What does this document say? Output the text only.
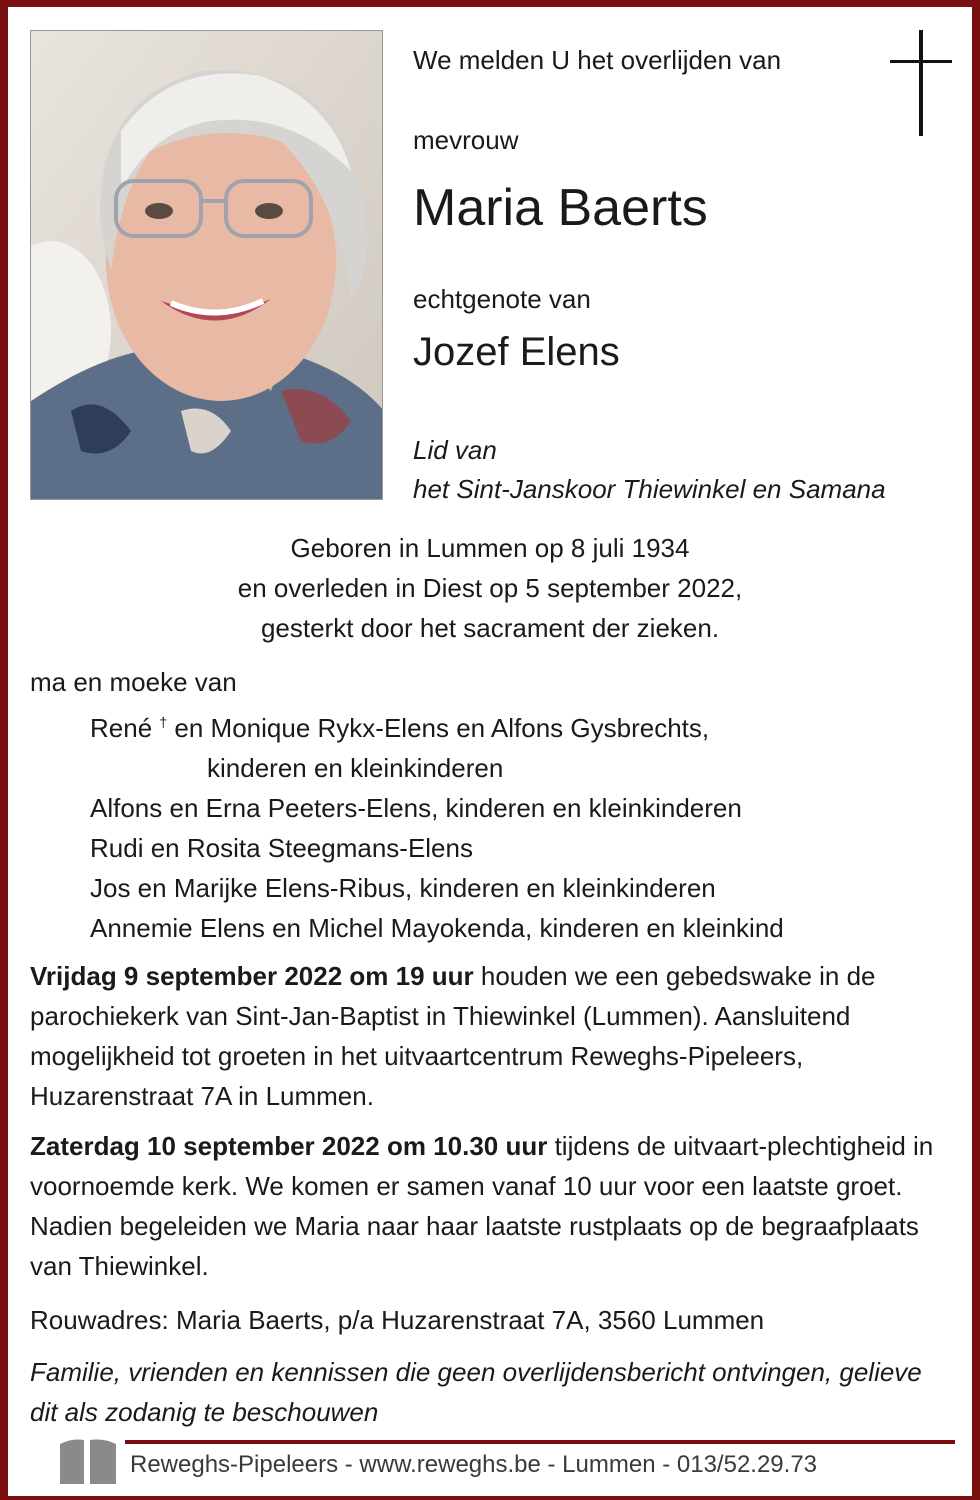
We melden U het overlijden van
mevrouw
Maria Baerts
echtgenote van
Jozef Elens
Lid van
het Sint-Janskoor Thiewinkel en Samana
Geboren in Lummen op 8 juli 1934
en overleden in Diest op 5 september 2022,
gesterkt door het sacrament der zieken.
ma en moeke van
René † en Monique Rykx-Elens en Alfons Gysbrechts,
kinderen en kleinkinderen
Alfons en Erna Peeters-Elens, kinderen en kleinkinderen
Rudi en Rosita Steegmans-Elens
Jos en Marijke Elens-Ribus, kinderen en kleinkinderen
Annemie Elens en Michel Mayokenda, kinderen en kleinkind
Vrijdag 9 september 2022 om 19 uur houden we een gebedswake in de parochiekerk van Sint-Jan-Baptist in Thiewinkel (Lummen). Aansluitend mogelijkheid tot groeten in het uitvaartcentrum Reweghs-Pipeleers, Huzarenstraat 7A in Lummen.
Zaterdag 10 september 2022 om 10.30 uur tijdens de uitvaart-plechtigheid in voornoemde kerk. We komen er samen vanaf 10 uur voor een laatste groet. Nadien begeleiden we Maria naar haar laatste rustplaats op de begraafplaats van Thiewinkel.
Rouwadres: Maria Baerts, p/a Huzarenstraat 7A, 3560 Lummen
Familie, vrienden en kennissen die geen overlijdensbericht ontvingen, gelieve dit als zodanig te beschouwen
Reweghs-Pipeleers - www.reweghs.be - Lummen - 013/52.29.73
